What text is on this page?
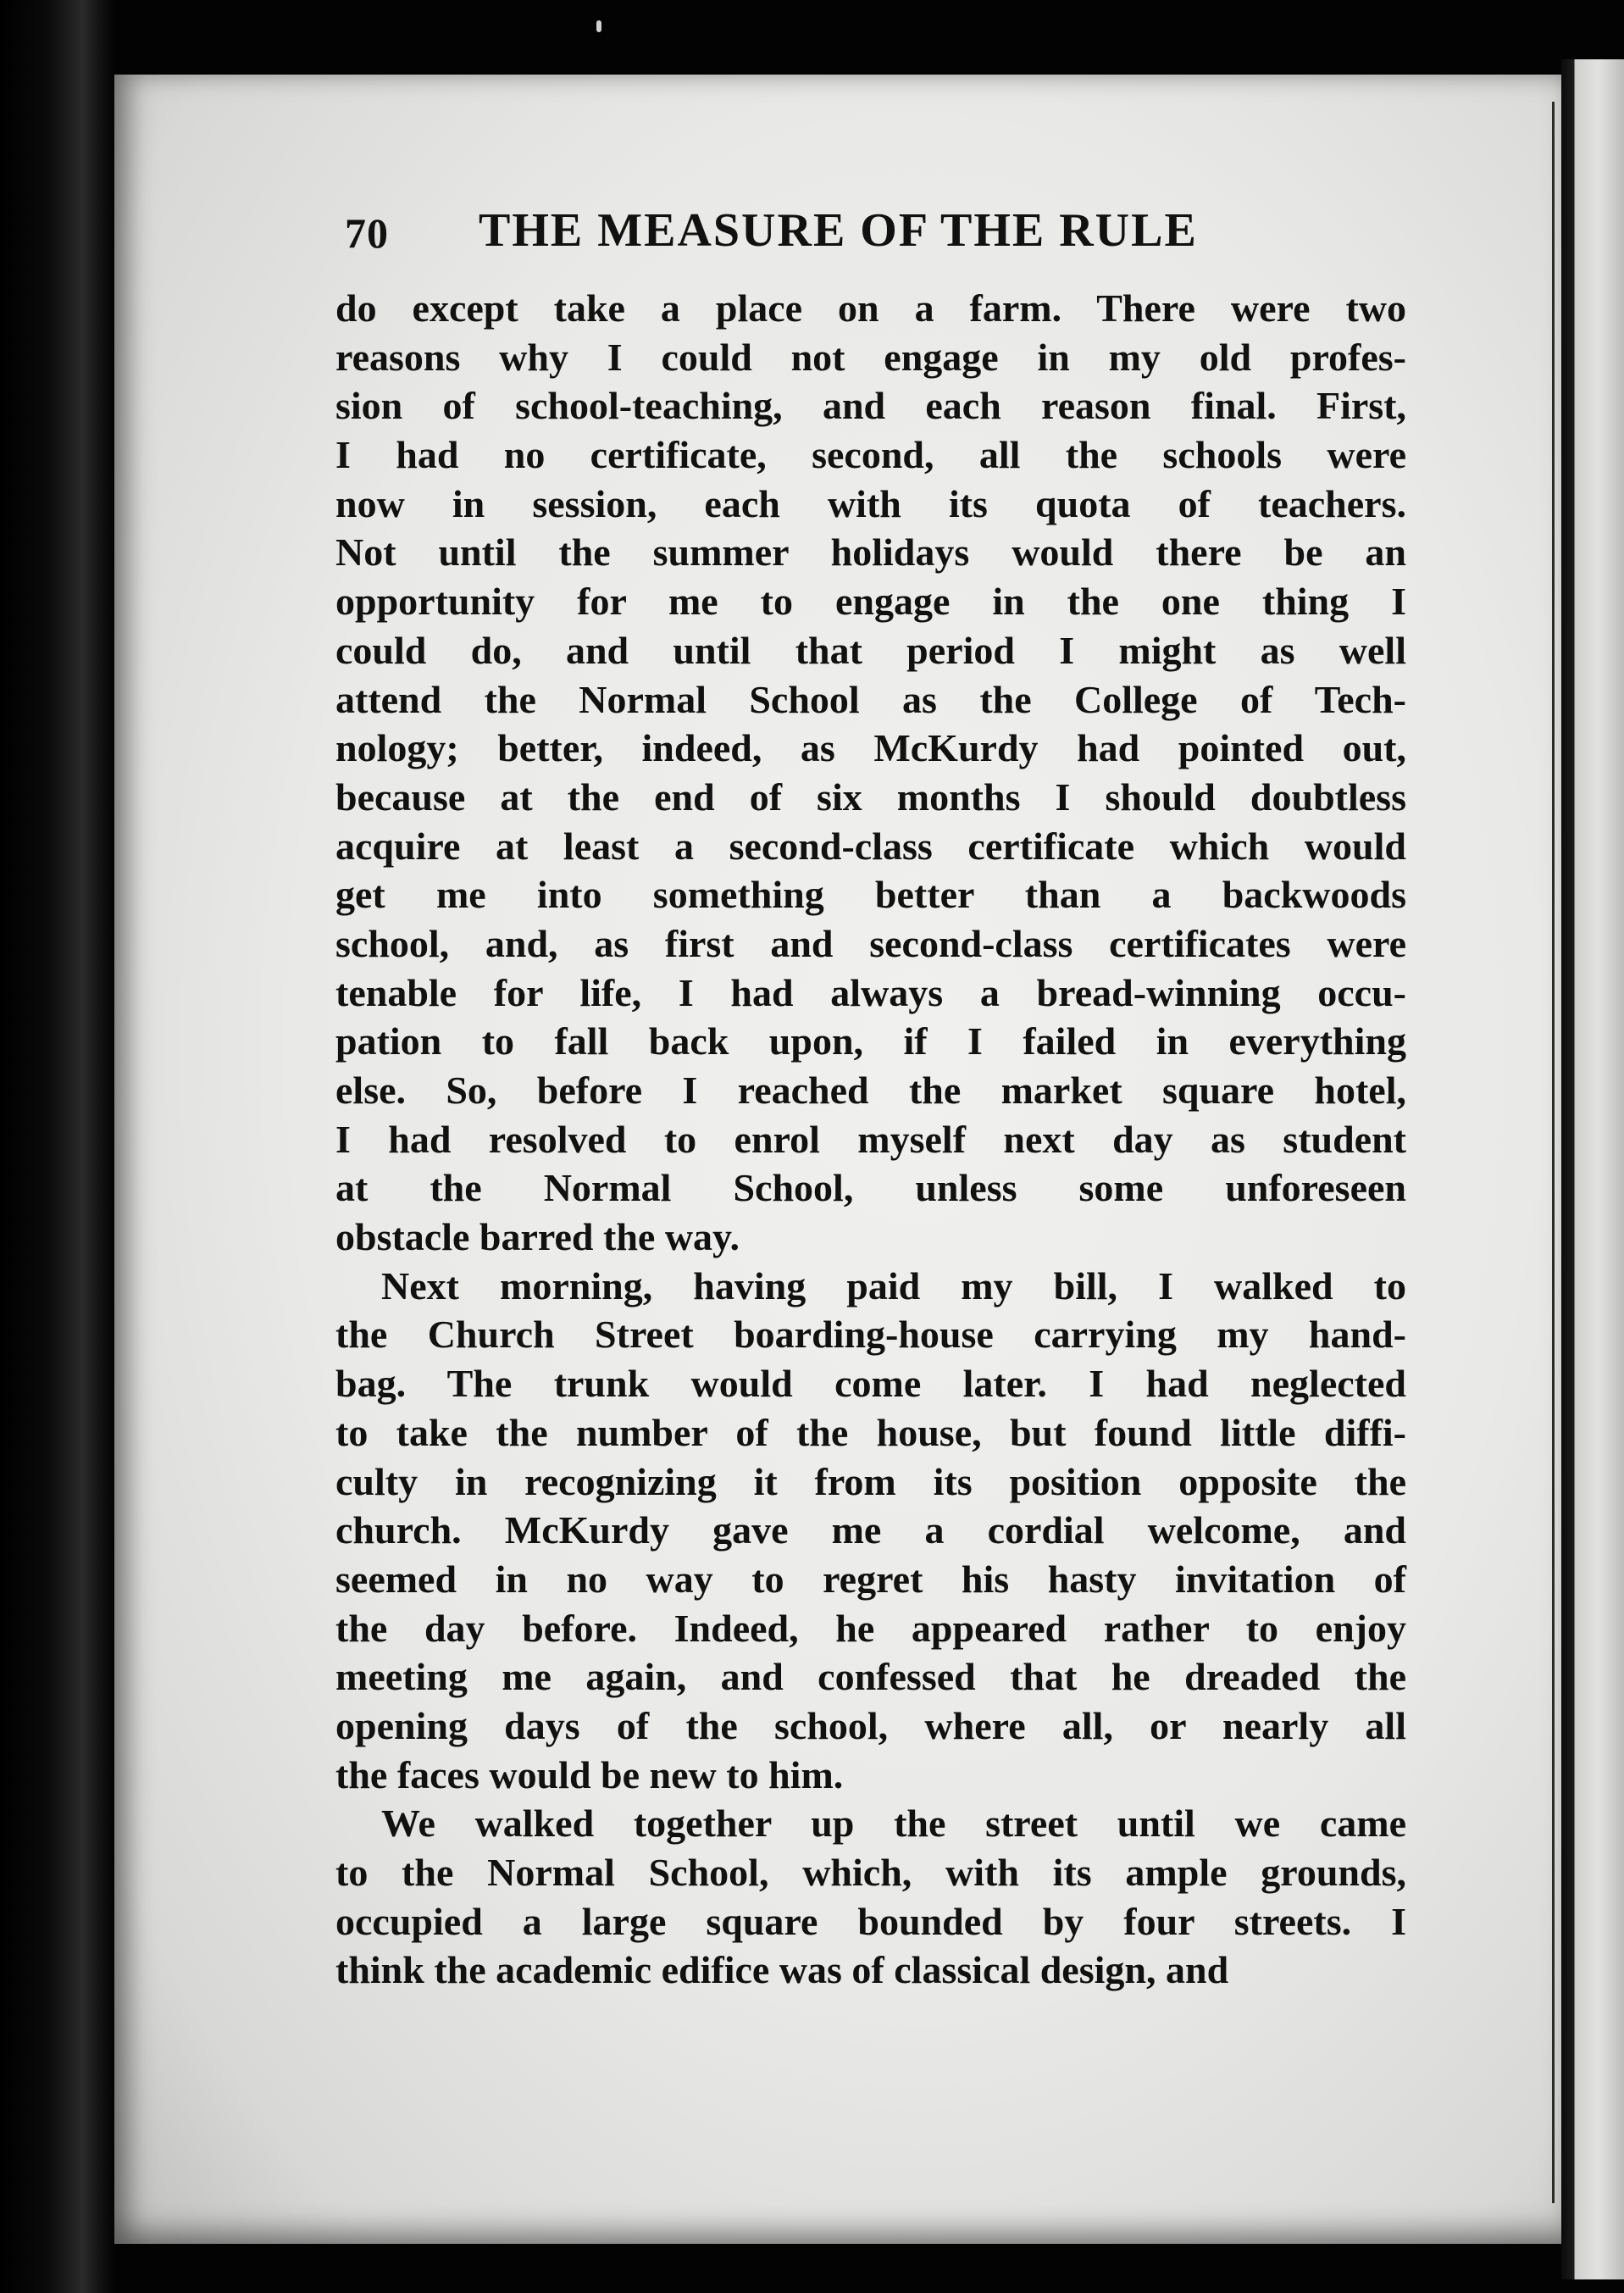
70 THE MEASURE OF THE RULE
do except take a place on a farm. There were two
reasons why I could not engage in my old profes-
sion of school-teaching, and each reason final. First,
I had no certificate, second, all the schools were
now in session, each with its quota of teachers.
Not until the summer holidays would there be an
opportunity for me to engage in the one thing I
could do, and until that period I might as well
attend the Normal School as the College of Tech-
nology; better, indeed, as McKurdy had pointed out,
because at the end of six months I should doubtless
acquire at least a second-class certificate which would
get me into something better than a backwoods
school, and, as first and second-class certificates were
tenable for life, I had always a bread-winning occu-
pation to fall back upon, if I failed in everything
else. So, before I reached the market square hotel,
I had resolved to enrol myself next day as student
at the Normal School, unless some unforeseen
obstacle barred the way.
Next morning, having paid my bill, I walked to
the Church Street boarding-house carrying my hand-
bag. The trunk would come later. I had neglected
to take the number of the house, but found little diffi-
culty in recognizing it from its position opposite the
church. McKurdy gave me a cordial welcome, and
seemed in no way to regret his hasty invitation of
the day before. Indeed, he appeared rather to enjoy
meeting me again, and confessed that he dreaded the
opening days of the school, where all, or nearly all
the faces would be new to him.
We walked together up the street until we came
to the Normal School, which, with its ample grounds,
occupied a large square bounded by four streets. I
think the academic edifice was of classical design, and
